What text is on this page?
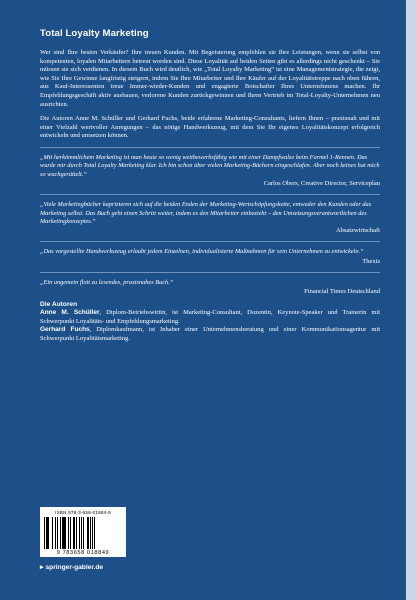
Total Loyalty Marketing

Wer sind Ihre besten Verkäufer? Ihre treuen Kunden. Mit Begeisterung empfehlen sie Ihre Leistungen, wenn sie selbst von kompetenten, loyalen Mitarbeitern betreut worden sind. Diese Loyalität auf beiden Seiten gibt es allerdings nicht geschenkt – Sie müssen sie sich verdienen. In diesem Buch wird deutlich, wie „Total Loyalty Marketing“ ist eine Managementstrategie, die zeigt, wie Sie Ihre Gewinne langfristig steigern, indem Sie Ihre Mitarbeiter und Ihre Käufer auf der Loyalitätstreppe nach oben führen, aus Kauf-Interessenten treue Immer-wieder-Kunden und engagierte Botschafter Ihres Unternehmens machen. Ihr Empfehlungsgeschäft aktiv ausbauen, verlorene Kunden zurückgewinnen und Ihren Vertrieb im Total-Loyalty-Unternehmen neu ausrichten.

Die Autoren Anne M. Schüller und Gerhard Fuchs, beide erfahrene Marketing-Consultants, liefern Ihnen – praxisnah und mit einer Vielzahl wertvoller Anregungen – das nötige Handwerkszeug, mit dem Sie Ihr eigenes Loyalitätskonzept erfolgreich entwickeln und umsetzen können.

„Mit herkömmlichem Marketing ist man heute so wenig wettbewerbsfähig wie mit einer Dampfwalze beim Formel 1-Rennen. Das wurde mir durch Total Loyalty Marketing klar. Ich bin schon über vielen Marketing-Büchern eingeschlafen. Aber noch keines hat mich so wachgerüttelt.“

Carlos Obers, Creative Director, Serviceplan

„Viele Marketingbücher kaprizieren sich auf die beiden Enden der Marketing-Wertschöpfungskette, entweder den Kunden oder das Marketing selbst. Das Buch geht einen Schritt weiter, indem es den Mitarbeiter einbezieht – den Umsetzungsverantwortlichen des Marketingkonzeptes.“

Absatzwirtschaft

„Das vorgestellte Handwerkszeug erlaubt jedem Einzelnen, individualisierte Maßnahmen für sein Unternehmen zu entwickeln.“

Thexis

„Ein ungemein flott zu lesendes, praxisnahes Buch.“

Financial Times Deutschland

Die Autoren

Anne M. Schüller, Diplom-Betriebswirtin, ist Marketing-Consultant, Dozentin, Keynote-Speaker und Trainerin mit Schwerpunkt Loyalitäts- und Empfehlungsmarketing.

Gerhard Fuchs, Diplomkaufmann, ist Inhaber einer Unternehmensberatung und einer Kommunikationsagentur mit Schwerpunkt Loyalitätsmarketing.

ISBN 978-3-658-01884-9
9 783658 018849
▸ springer-gabler.de
